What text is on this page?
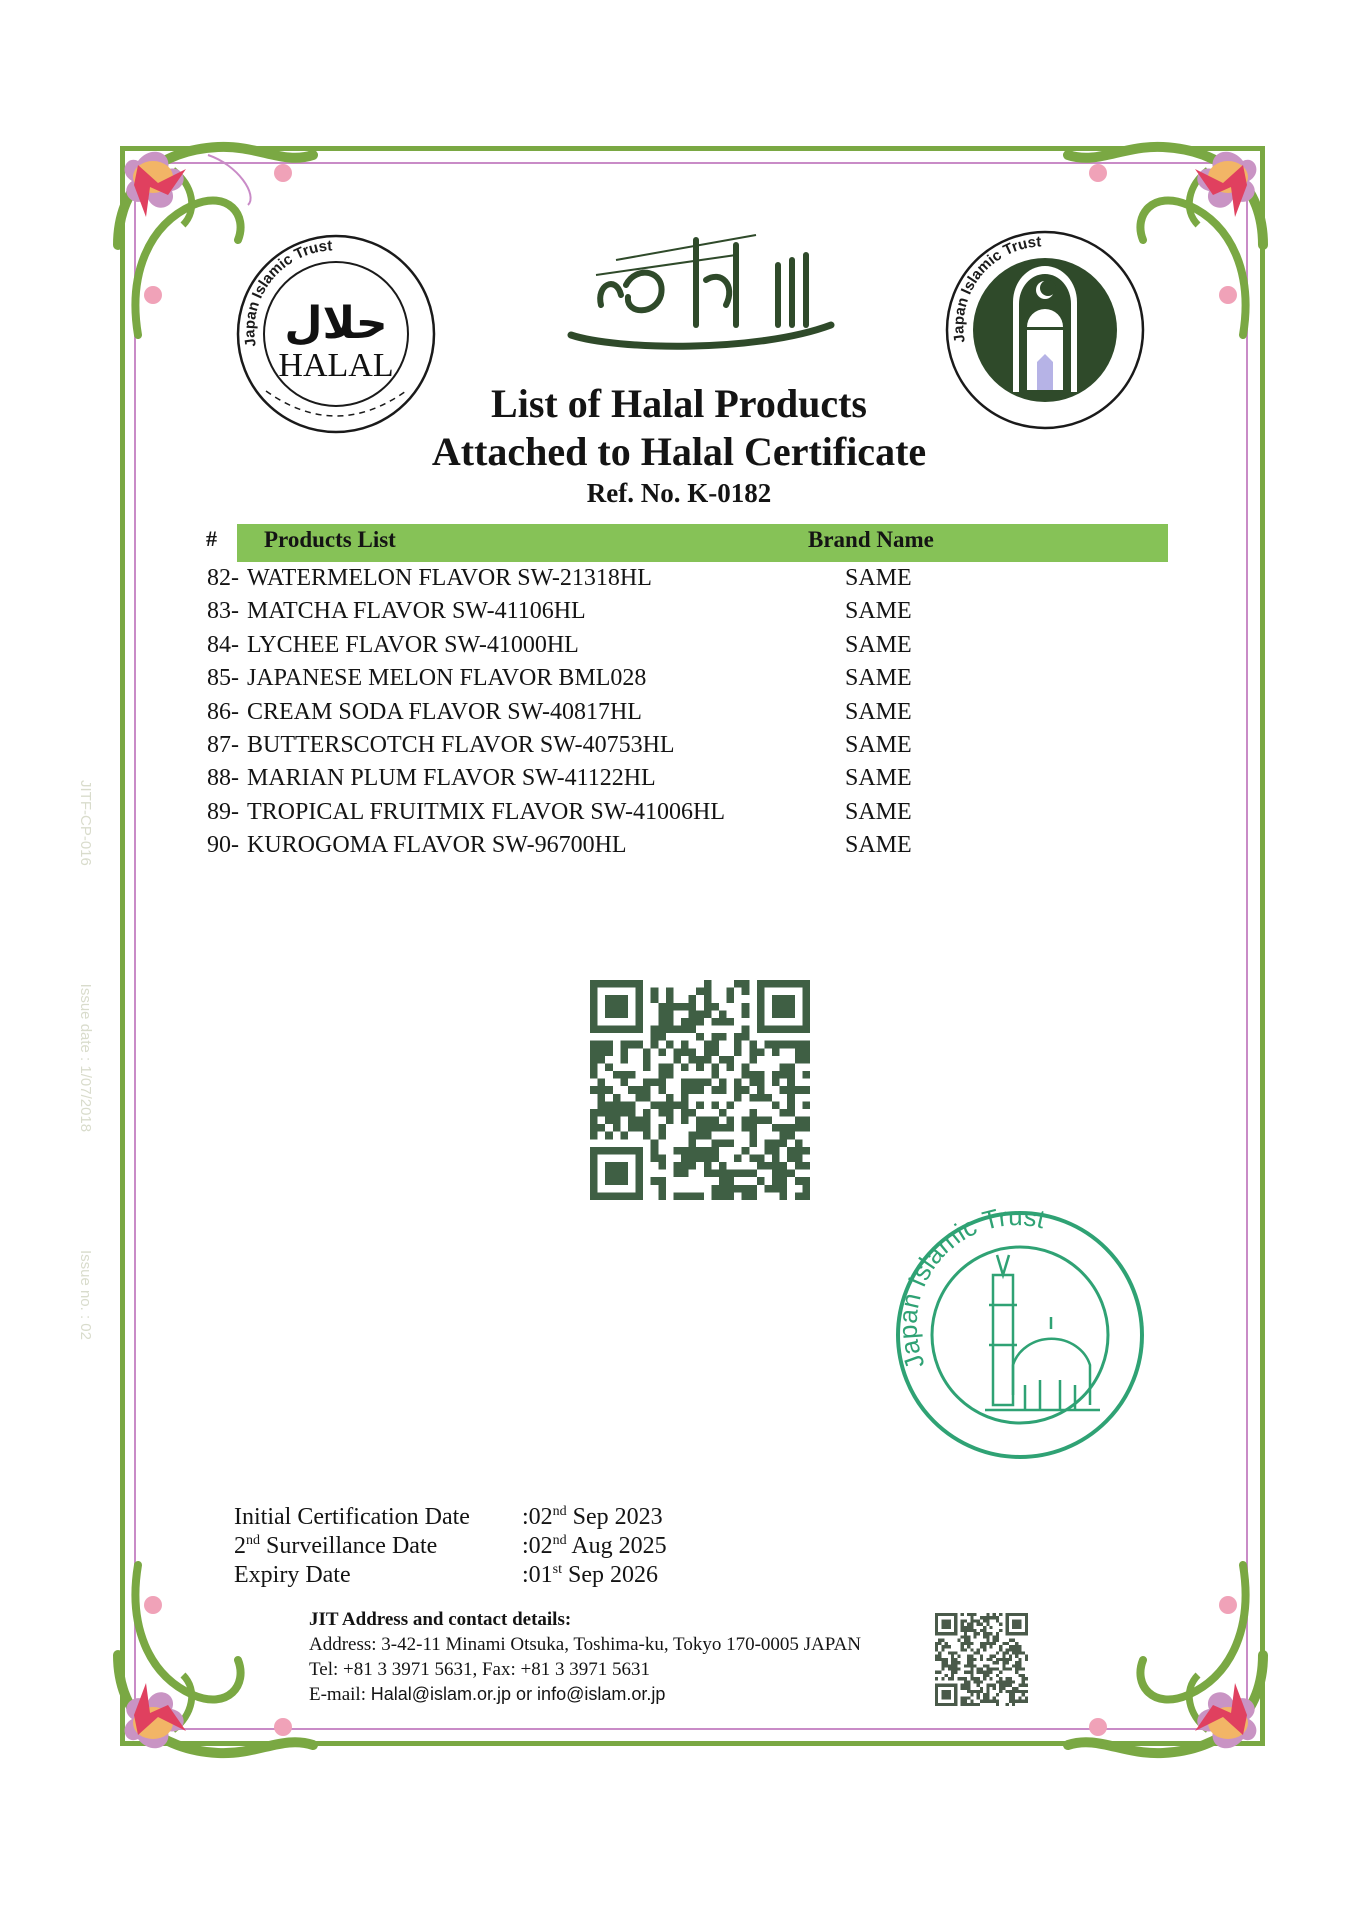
JITF-CP-016
Issue date : 1/07/2018
Issue no. : 02
Japan Islamic Trust
حلال
HALAL	بسم الله الرحمن الرحيم
Japan Islamic Trust
List of Halal Products
Attached to Halal Certificate
Ref. No. K-0182
# Products List	Brand Name
82- WATERMELON FLAVOR SW-21318HL	SAME
83- MATCHA FLAVOR SW-41106HL	SAME
84- LYCHEE FLAVOR SW-41000HL	SAME
85- JAPANESE MELON FLAVOR BML028	SAME
86- CREAM SODA FLAVOR SW-40817HL	SAME
87- BUTTERSCOTCH FLAVOR SW-40753HL	SAME
88- MARIAN PLUM FLAVOR SW-41122HL	SAME
89- TROPICAL FRUITMIX FLAVOR SW-41006HL	SAME
90- KUROGOMA FLAVOR SW-96700HL	SAME
Japan Islamic Trust
Initial Certification Date :02nd Sep 2023
2nd Surveillance Date	:02nd Aug 2025
Expiry Date	:01st Sep 2026
JIT Address and contact details:
Address: 3-42-11 Minami Otsuka, Toshima-ku, Tokyo 170-0005 JAPAN
Tel: +81 3 3971 5631, Fax: +81 3 3971 5631
E-mail: Halal@islam.or.jp or info@islam.or.jp
